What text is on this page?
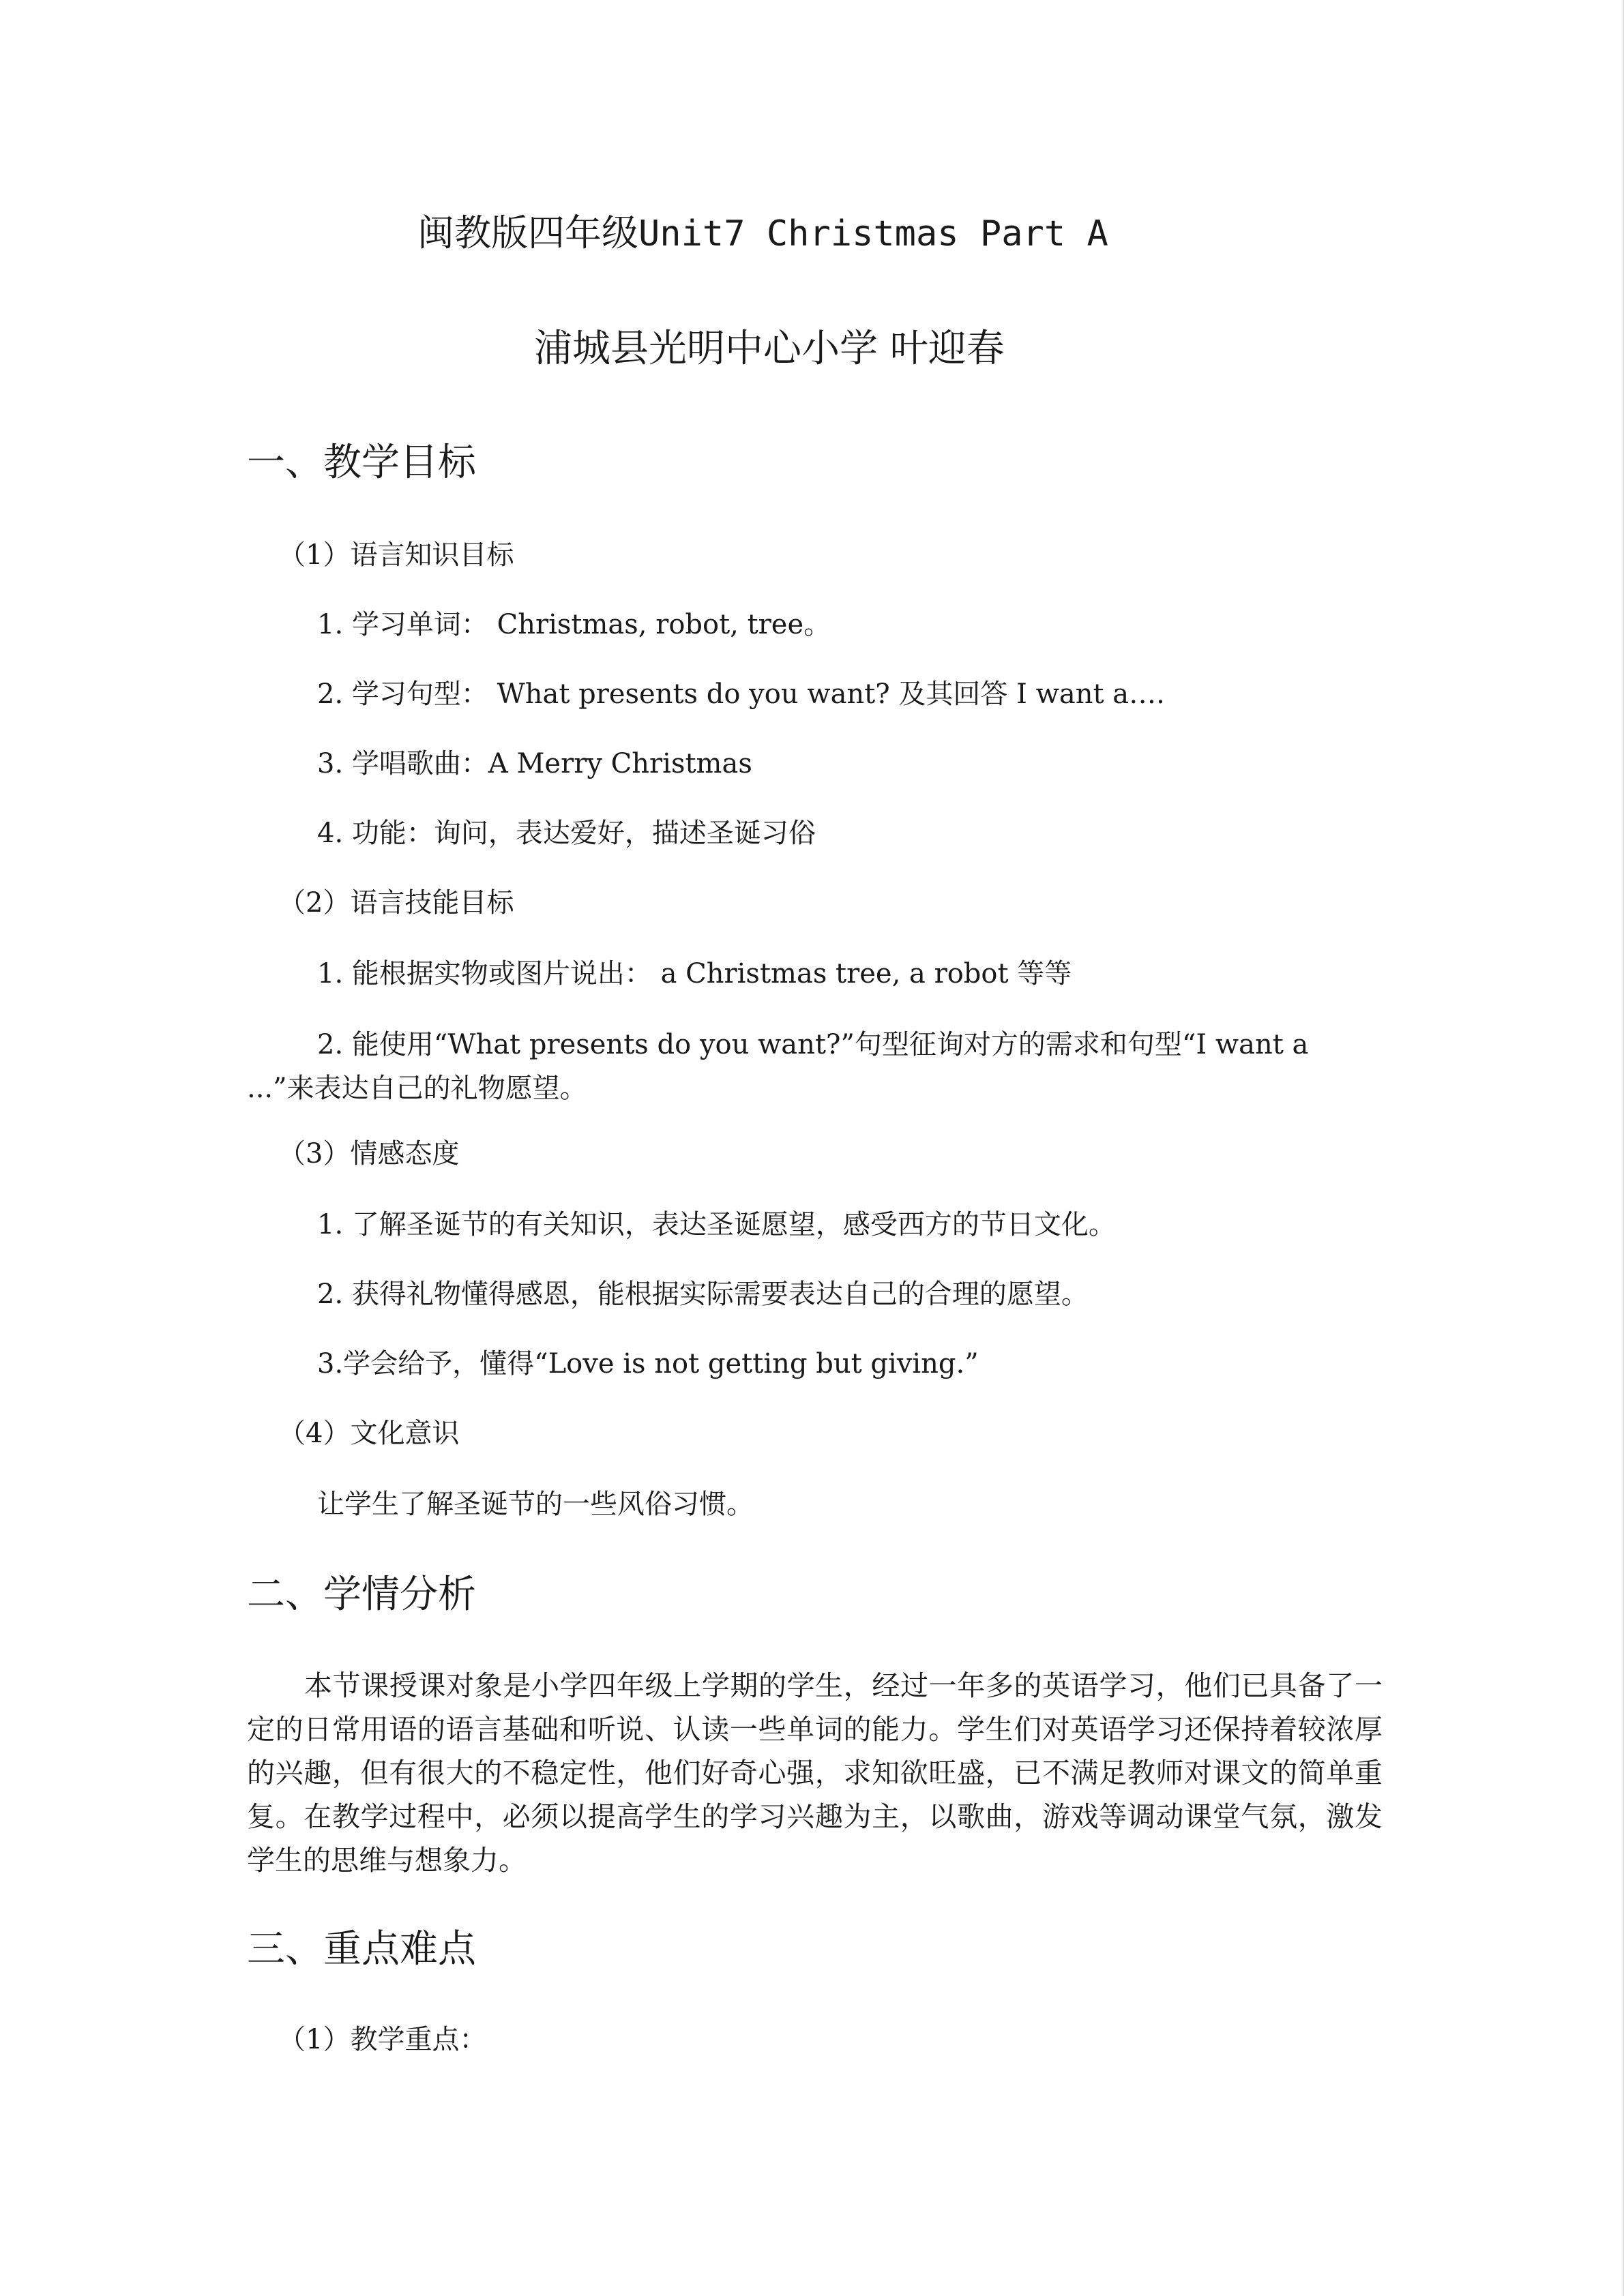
闽教版四年级Unit7 Christmas Part A
浦城县光明中心小学 叶迎春
一、教学目标
（1）语言知识目标
1. 学习单词： Christmas, robot, tree。
2. 学习句型： What presents do you want? 及其回答 I want a….
3. 学唱歌曲：A Merry Christmas
4. 功能：询问，表达爱好，描述圣诞习俗
（2）语言技能目标
1. 能根据实物或图片说出： a Christmas tree, a robot 等等
2. 能使用“What presents do you want?”句型征询对方的需求和句型“I want a ...”来表达自己的礼物愿望。
（3）情感态度
1. 了解圣诞节的有关知识，表达圣诞愿望，感受西方的节日文化。
2. 获得礼物懂得感恩，能根据实际需要表达自己的合理的愿望。
3.学会给予，懂得“Love is not getting but giving.”
（4）文化意识
让学生了解圣诞节的一些风俗习惯。
二、学情分析
本节课授课对象是小学四年级上学期的学生，经过一年多的英语学习，他们已具备了一定的日常用语的语言基础和听说、认读一些单词的能力。学生们对英语学习还保持着较浓厚的兴趣，但有很大的不稳定性，他们好奇心强，求知欲旺盛，已不满足教师对课文的简单重复。在教学过程中，必须以提高学生的学习兴趣为主，以歌曲，游戏等调动课堂气氛，激发学生的思维与想象力。
三、重点难点
（1）教学重点：
